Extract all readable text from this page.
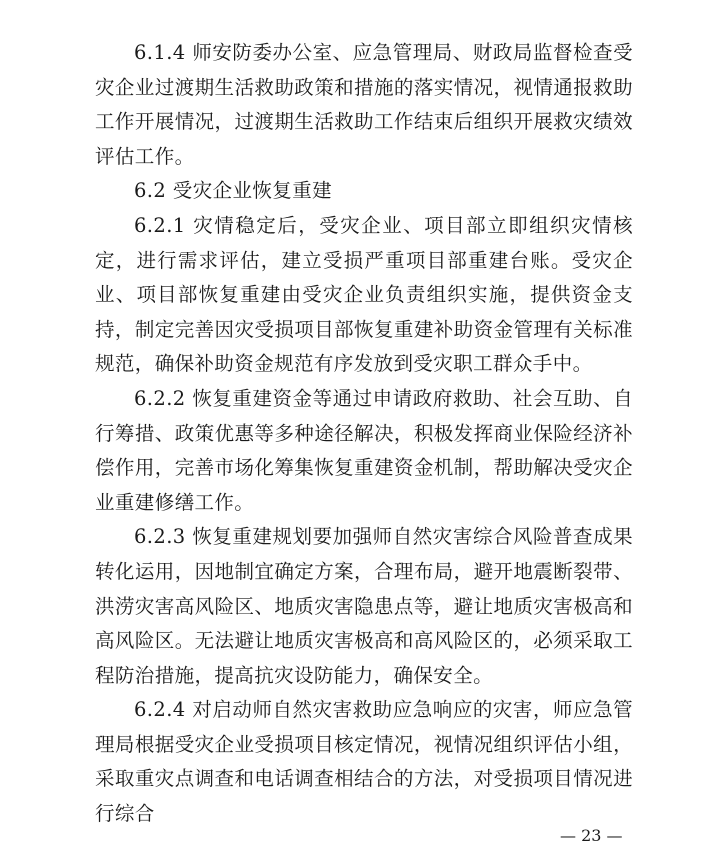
6.1.4 师安防委办公室、应急管理局、财政局监督检查受灾企业过渡期生活救助政策和措施的落实情况，视情通报救助工作开展情况，过渡期生活救助工作结束后组织开展救灾绩效评估工作。

6.2 受灾企业恢复重建

6.2.1 灾情稳定后，受灾企业、项目部立即组织灾情核定，进行需求评估，建立受损严重项目部重建台账。受灾企业、项目部恢复重建由受灾企业负责组织实施，提供资金支持，制定完善因灾受损项目部恢复重建补助资金管理有关标准规范，确保补助资金规范有序发放到受灾职工群众手中。

6.2.2 恢复重建资金等通过申请政府救助、社会互助、自行筹措、政策优惠等多种途径解决，积极发挥商业保险经济补偿作用，完善市场化筹集恢复重建资金机制，帮助解决受灾企业重建修缮工作。

6.2.3 恢复重建规划要加强师自然灾害综合风险普查成果转化运用，因地制宜确定方案，合理布局，避开地震断裂带、洪涝灾害高风险区、地质灾害隐患点等，避让地质灾害极高和高风险区。无法避让地质灾害极高和高风险区的，必须采取工程防治措施，提高抗灾设防能力，确保安全。

6.2.4 对启动师自然灾害救助应急响应的灾害，师应急管理局根据受灾企业受损项目核定情况，视情况组织评估小组，采取重灾点调查和电话调查相结合的方法，对受损项目情况进行综合

— 23 —
